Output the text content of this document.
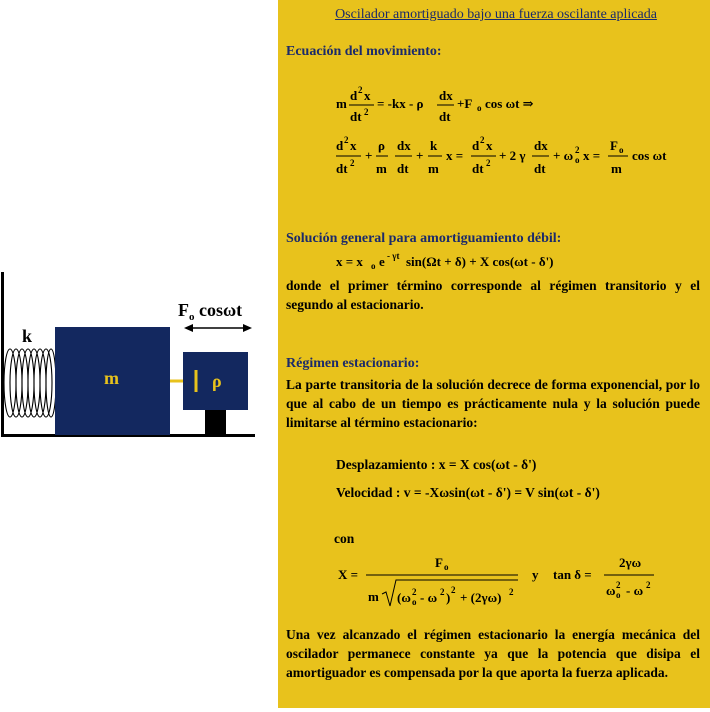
k
m	ρ
$F_o$ cosωt
Oscilador amortiguado bajo una fuerza oscilante aplicada
Ecuación del movimiento:
m
d 2 x
dt 2
= -kx - ρ
dx
dt
+F o cos ωt ⇒
d 2 x
dt 2 +
ρ
m
dx
dt
+
k
m
x =
d 2 x
dt 2 + 2 γ
dx
dt
+ ω o
2 x =
F o
m
cos ωt
Solución general para amortiguamiento débil:
x = x o e - γt sin(Ωt + δ) + X cos(ωt - δ')
donde el primer término corresponde al régimen transitorio y el segundo al estacionario.
Régimen estacionario:
La parte transitoria de la solución decrece de forma exponencial, por lo que al cabo de un tiempo es prácticamente nula y la solución puede limitarse al término estacionario:
Desplazamiento : x = X cos(ωt - δ')
Velocidad : v = -Xωsin(ωt - δ') = V sin(ωt - δ')
con
X =
F o
m (ω o
2 - ω 2 ) 2 + (2γω) 2
y tan δ =
2γω
ω o
2 - ω 2
Una vez alcanzado el régimen estacionario la energía mecánica del oscilador permanece constante ya que la potencia que disipa el amortiguador es compensada por la que aporta la fuerza aplicada.
